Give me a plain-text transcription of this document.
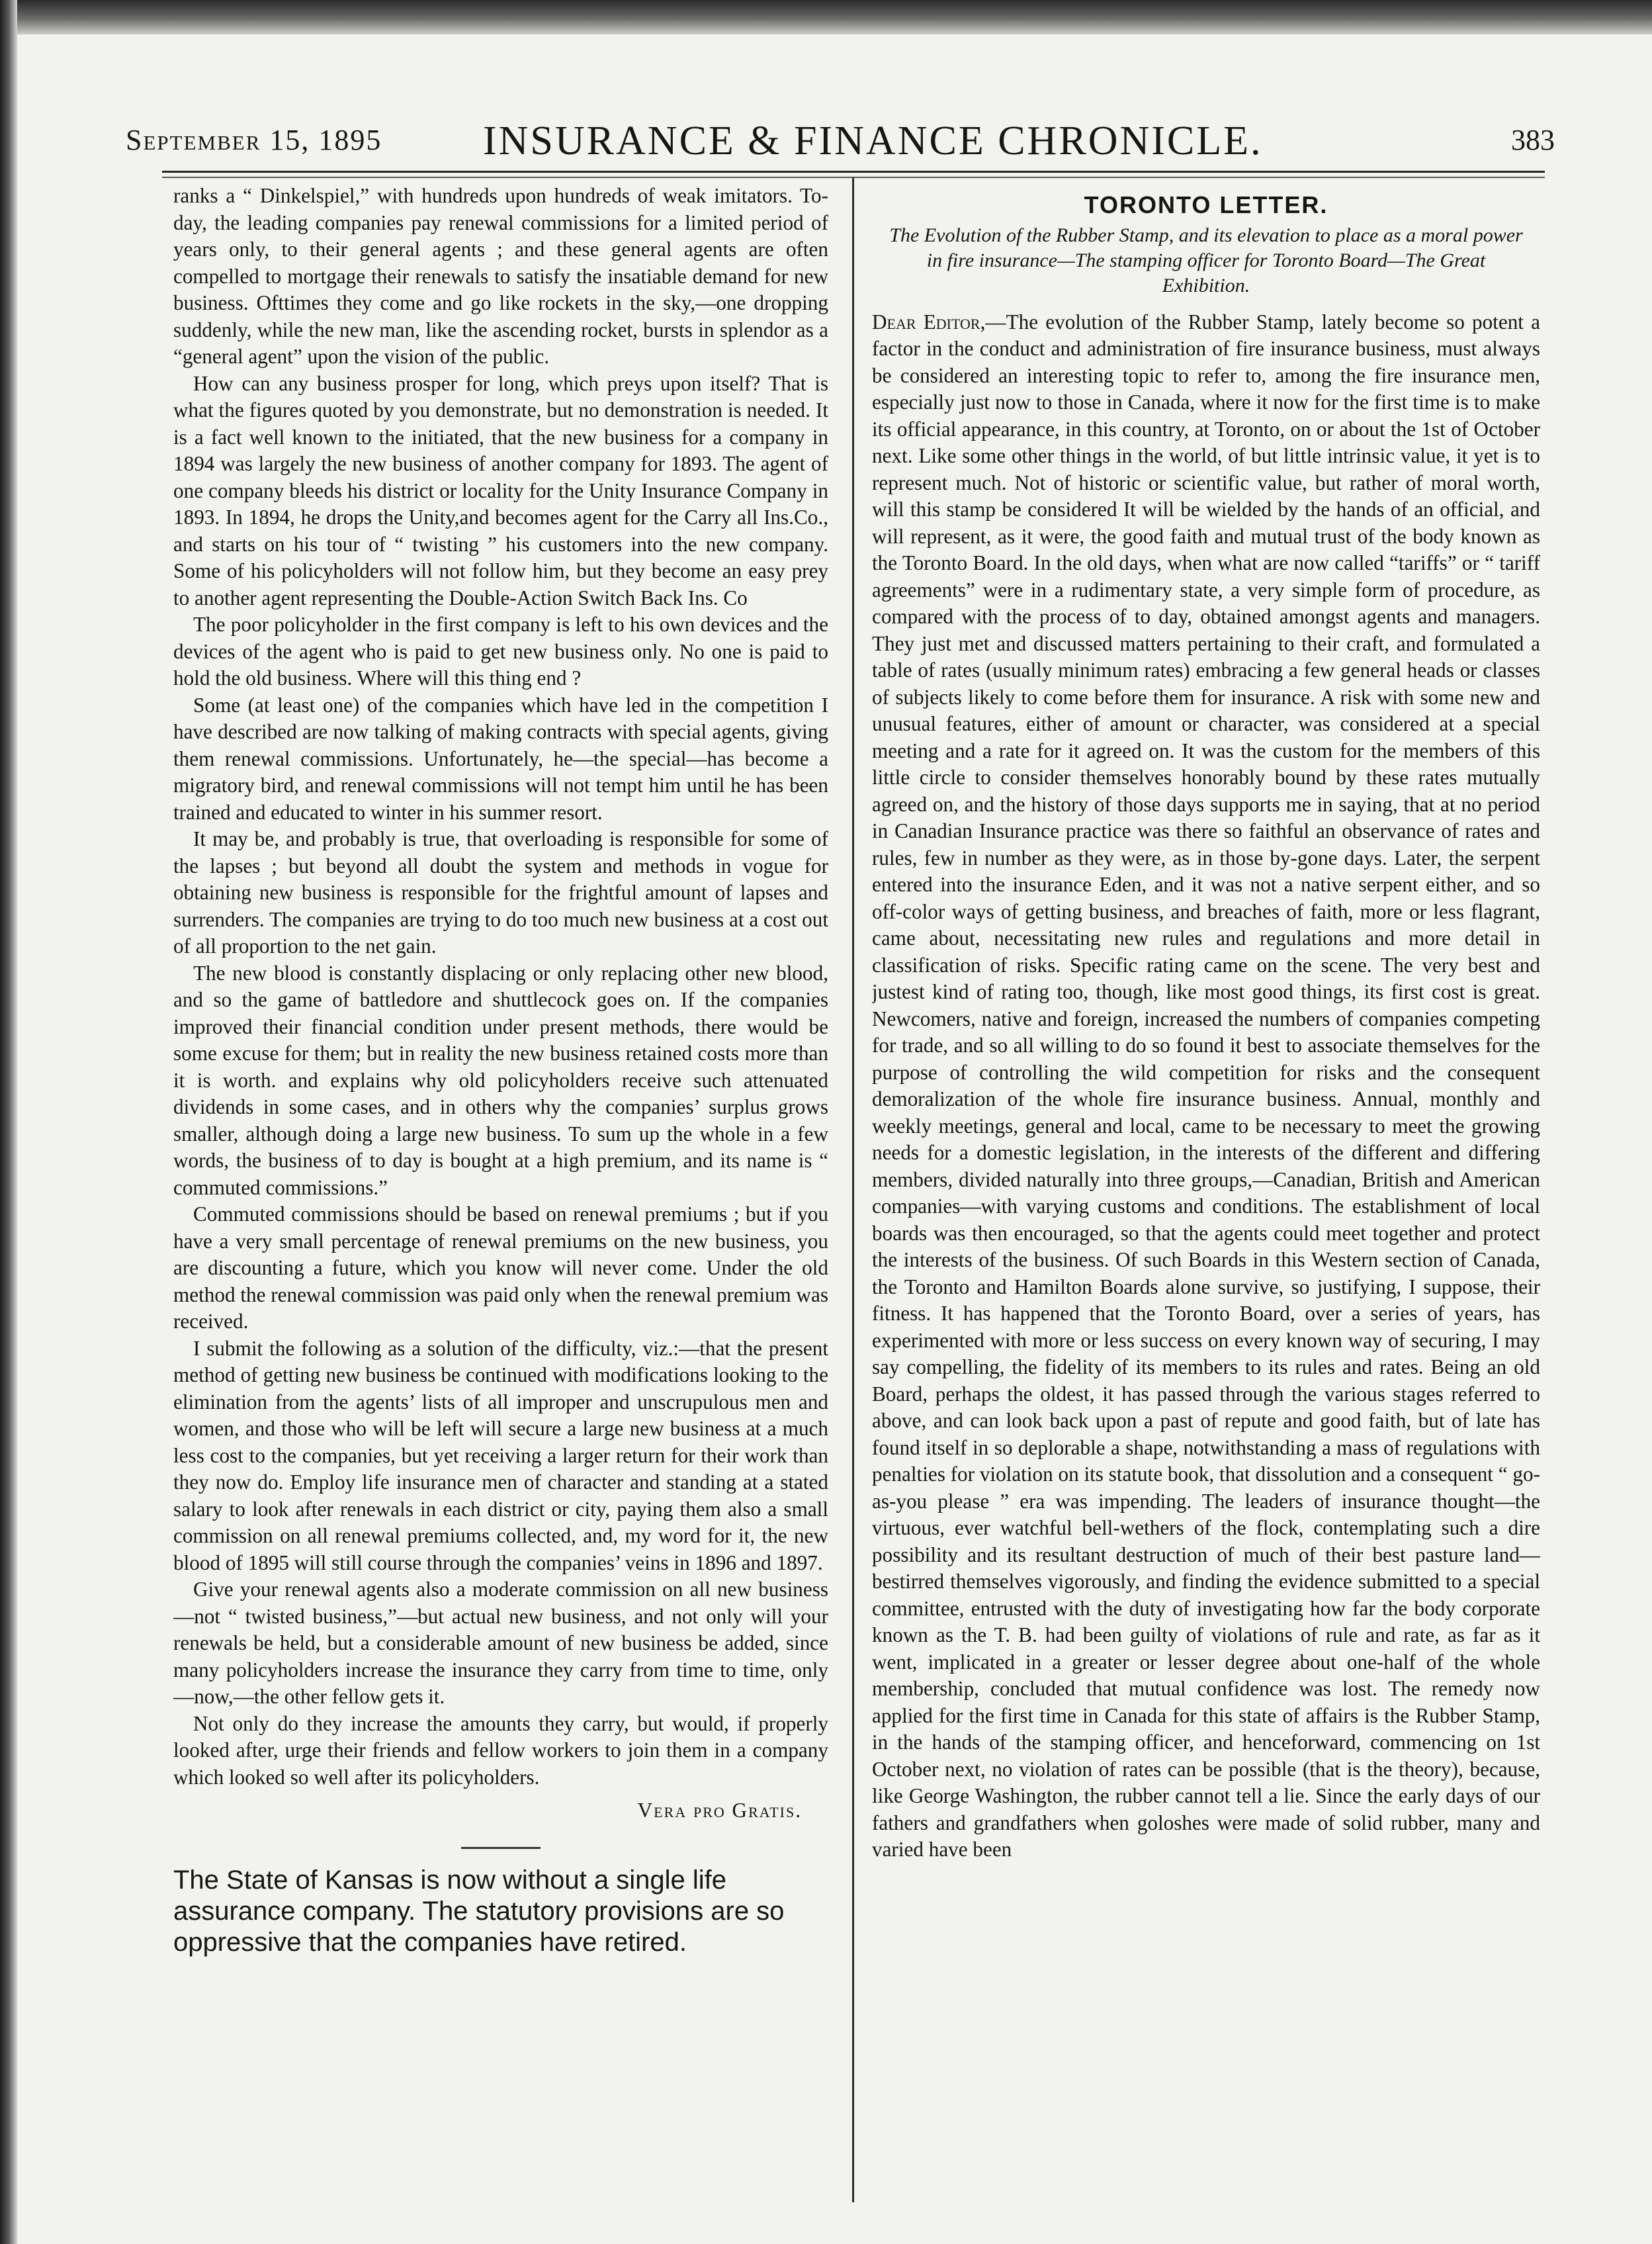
September 15, 1895 INSURANCE & FINANCE CHRONICLE.	383

ranks a “ Dinkelspiel,” with hundreds upon hundreds of weak imitators. To-day, the leading companies pay renewal commissions for a limited period of years only, to their general agents ; and these general agents are often compelled to mortgage their renewals to satisfy the insatiable demand for new business. Ofttimes they come and go like rockets in the sky,—one dropping suddenly, while the new man, like the ascending rocket, bursts in splendor as a “general agent” upon the vision of the public.

How can any business prosper for long, which preys upon itself? That is what the figures quoted by you demonstrate, but no demonstration is needed. It is a fact well known to the initiated, that the new business for a company in 1894 was largely the new business of another company for 1893. The agent of one company bleeds his district or locality for the Unity Insurance Company in 1893. In 1894, he drops the Unity,and becomes agent for the Carry all Ins.Co., and starts on his tour of “ twisting ” his customers into the new company. Some of his policyholders will not follow him, but they become an easy prey to another agent representing the Double-Action Switch Back Ins. Co

The poor policyholder in the first company is left to his own devices and the devices of the agent who is paid to get new business only. No one is paid to hold the old business. Where will this thing end ?

Some (at least one) of the companies which have led in the competition I have described are now talking of making contracts with special agents, giving them renewal commissions. Unfortunately, he—the special—has become a migratory bird, and renewal commissions will not tempt him until he has been trained and educated to winter in his summer resort.

It may be, and probably is true, that overloading is responsible for some of the lapses ; but beyond all doubt the system and methods in vogue for obtaining new business is responsible for the frightful amount of lapses and surrenders. The companies are trying to do too much new business at a cost out of all proportion to the net gain.

The new blood is constantly displacing or only replacing other new blood, and so the game of battledore and shuttlecock goes on. If the companies improved their financial condition under present methods, there would be some excuse for them; but in reality the new business retained costs more than it is worth. and explains why old policyholders receive such attenuated dividends in some cases, and in others why the companies’ surplus grows smaller, although doing a large new business. To sum up the whole in a few words, the business of to day is bought at a high premium, and its name is “ commuted commissions.”

Commuted commissions should be based on renewal premiums ; but if you have a very small percentage of renewal premiums on the new business, you are discounting a future, which you know will never come. Under the old method the renewal commission was paid only when the renewal premium was received.

I submit the following as a solution of the difficulty, viz.:—that the present method of getting new business be continued with modifications looking to the elimination from the agents’ lists of all improper and unscrupulous men and women, and those who will be left will secure a large new business at a much less cost to the companies, but yet receiving a larger return for their work than they now do. Employ life insurance men of character and standing at a stated salary to look after renewals in each district or city, paying them also a small commission on all renewal premiums collected, and, my word for it, the new blood of 1895 will still course through the companies’ veins in 1896 and 1897.

Give your renewal agents also a moderate commission on all new business—not “ twisted business,”—but actual new business, and not only will your renewals be held, but a considerable amount of new business be added, since many policyholders increase the insurance they carry from time to time, only—now,—the other fellow gets it.

Not only do they increase the amounts they carry, but would, if properly looked after, urge their friends and fellow workers to join them in a company which looked so well after its policyholders.

Vera pro Gratis.
The State of Kansas is now without a single life assurance company. The statutory provisions are so oppressive that the companies have retired.
TORONTO LETTER.
The Evolution of the Rubber Stamp, and its elevation to place as a moral power in fire insurance—The stamping officer for Toronto Board—The Great Exhibition.

Dear Editor,—The evolution of the Rubber Stamp, lately become so potent a factor in the conduct and administration of fire insurance business, must always be considered an interesting topic to refer to, among the fire insurance men, especially just now to those in Canada, where it now for the first time is to make its official appearance, in this country, at Toronto, on or about the 1st of October next. Like some other things in the world, of but little intrinsic value, it yet is to represent much. Not of historic or scientific value, but rather of moral worth, will this stamp be considered It will be wielded by the hands of an official, and will represent, as it were, the good faith and mutual trust of the body known as the Toronto Board. In the old days, when what are now called “tariffs” or “ tariff agreements” were in a rudimentary state, a very simple form of procedure, as compared with the process of to day, obtained amongst agents and managers. They just met and discussed matters pertaining to their craft, and formulated a table of rates (usually minimum rates) embracing a few general heads or classes of subjects likely to come before them for insurance. A risk with some new and unusual features, either of amount or character, was considered at a special meeting and a rate for it agreed on. It was the custom for the members of this little circle to consider themselves honorably bound by these rates mutually agreed on, and the history of those days supports me in saying, that at no period in Canadian Insurance practice was there so faithful an observance of rates and rules, few in number as they were, as in those by-gone days. Later, the serpent entered into the insurance Eden, and it was not a native serpent either, and so off-color ways of getting business, and breaches of faith, more or less flagrant, came about, necessitating new rules and regulations and more detail in classification of risks. Specific rating came on the scene. The very best and justest kind of rating too, though, like most good things, its first cost is great. Newcomers, native and foreign, increased the numbers of companies competing for trade, and so all willing to do so found it best to associate themselves for the purpose of controlling the wild competition for risks and the consequent demoralization of the whole fire insurance business. Annual, monthly and weekly meetings, general and local, came to be necessary to meet the growing needs for a domestic legislation, in the interests of the different and differing members, divided naturally into three groups,—Canadian, British and American companies—with varying customs and conditions. The establishment of local boards was then encouraged, so that the agents could meet together and protect the interests of the business. Of such Boards in this Western section of Canada, the Toronto and Hamilton Boards alone survive, so justifying, I suppose, their fitness. It has happened that the Toronto Board, over a series of years, has experimented with more or less success on every known way of securing, I may say compelling, the fidelity of its members to its rules and rates. Being an old Board, perhaps the oldest, it has passed through the various stages referred to above, and can look back upon a past of repute and good faith, but of late has found itself in so deplorable a shape, notwithstanding a mass of regulations with penalties for violation on its statute book, that dissolution and a consequent “ go-as-you please ” era was impending. The leaders of insurance thought—the virtuous, ever watchful bell-wethers of the flock, contemplating such a dire possibility and its resultant destruction of much of their best pasture land—bestirred themselves vigorously, and finding the evidence submitted to a special committee, entrusted with the duty of investigating how far the body corporate known as the T. B. had been guilty of violations of rule and rate, as far as it went, implicated in a greater or lesser degree about one-half of the whole membership, concluded that mutual confidence was lost. The remedy now applied for the first time in Canada for this state of affairs is the Rubber Stamp, in the hands of the stamping officer, and henceforward, commencing on 1st October next, no violation of rates can be possible (that is the theory), because, like George Washington, the rubber cannot tell a lie. Since the early days of our fathers and grandfathers when goloshes were made of solid rubber, many and varied have been
